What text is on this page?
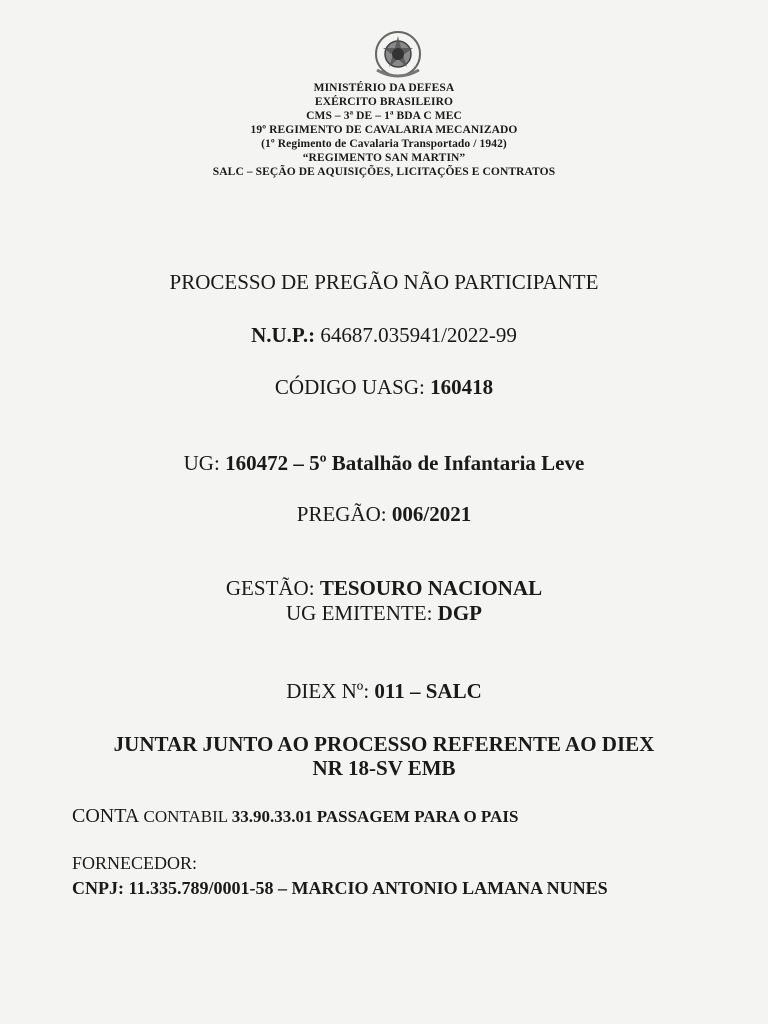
MINISTÉRIO DA DEFESA
EXÉRCITO BRASILEIRO
CMS – 3ª DE – 1ª BDA C MEC
19º REGIMENTO DE CAVALARIA MECANIZADO
(1º Regimento de Cavalaria Transportado / 1942)
“REGIMENTO SAN MARTIN”
SALC – SEÇÃO DE AQUISIÇÕES, LICITAÇÕES E CONTRATOS
PROCESSO DE PREGÃO NÃO PARTICIPANTE
N.U.P.: 64687.035941/2022-99
CÓDIGO UASG: 160418
UG: 160472 – 5º Batalhão de Infantaria Leve
PREGÃO: 006/2021
GESTÃO: TESOURO NACIONAL
UG EMITENTE: DGP
DIEX Nº: 011 – SALC
JUNTAR JUNTO AO PROCESSO REFERENTE AO DIEX
NR 18-SV EMB
CONTA CONTABIL 33.90.33.01 PASSAGEM PARA O PAIS
FORNECEDOR:
CNPJ: 11.335.789/0001-58 – MARCIO ANTONIO LAMANA NUNES
